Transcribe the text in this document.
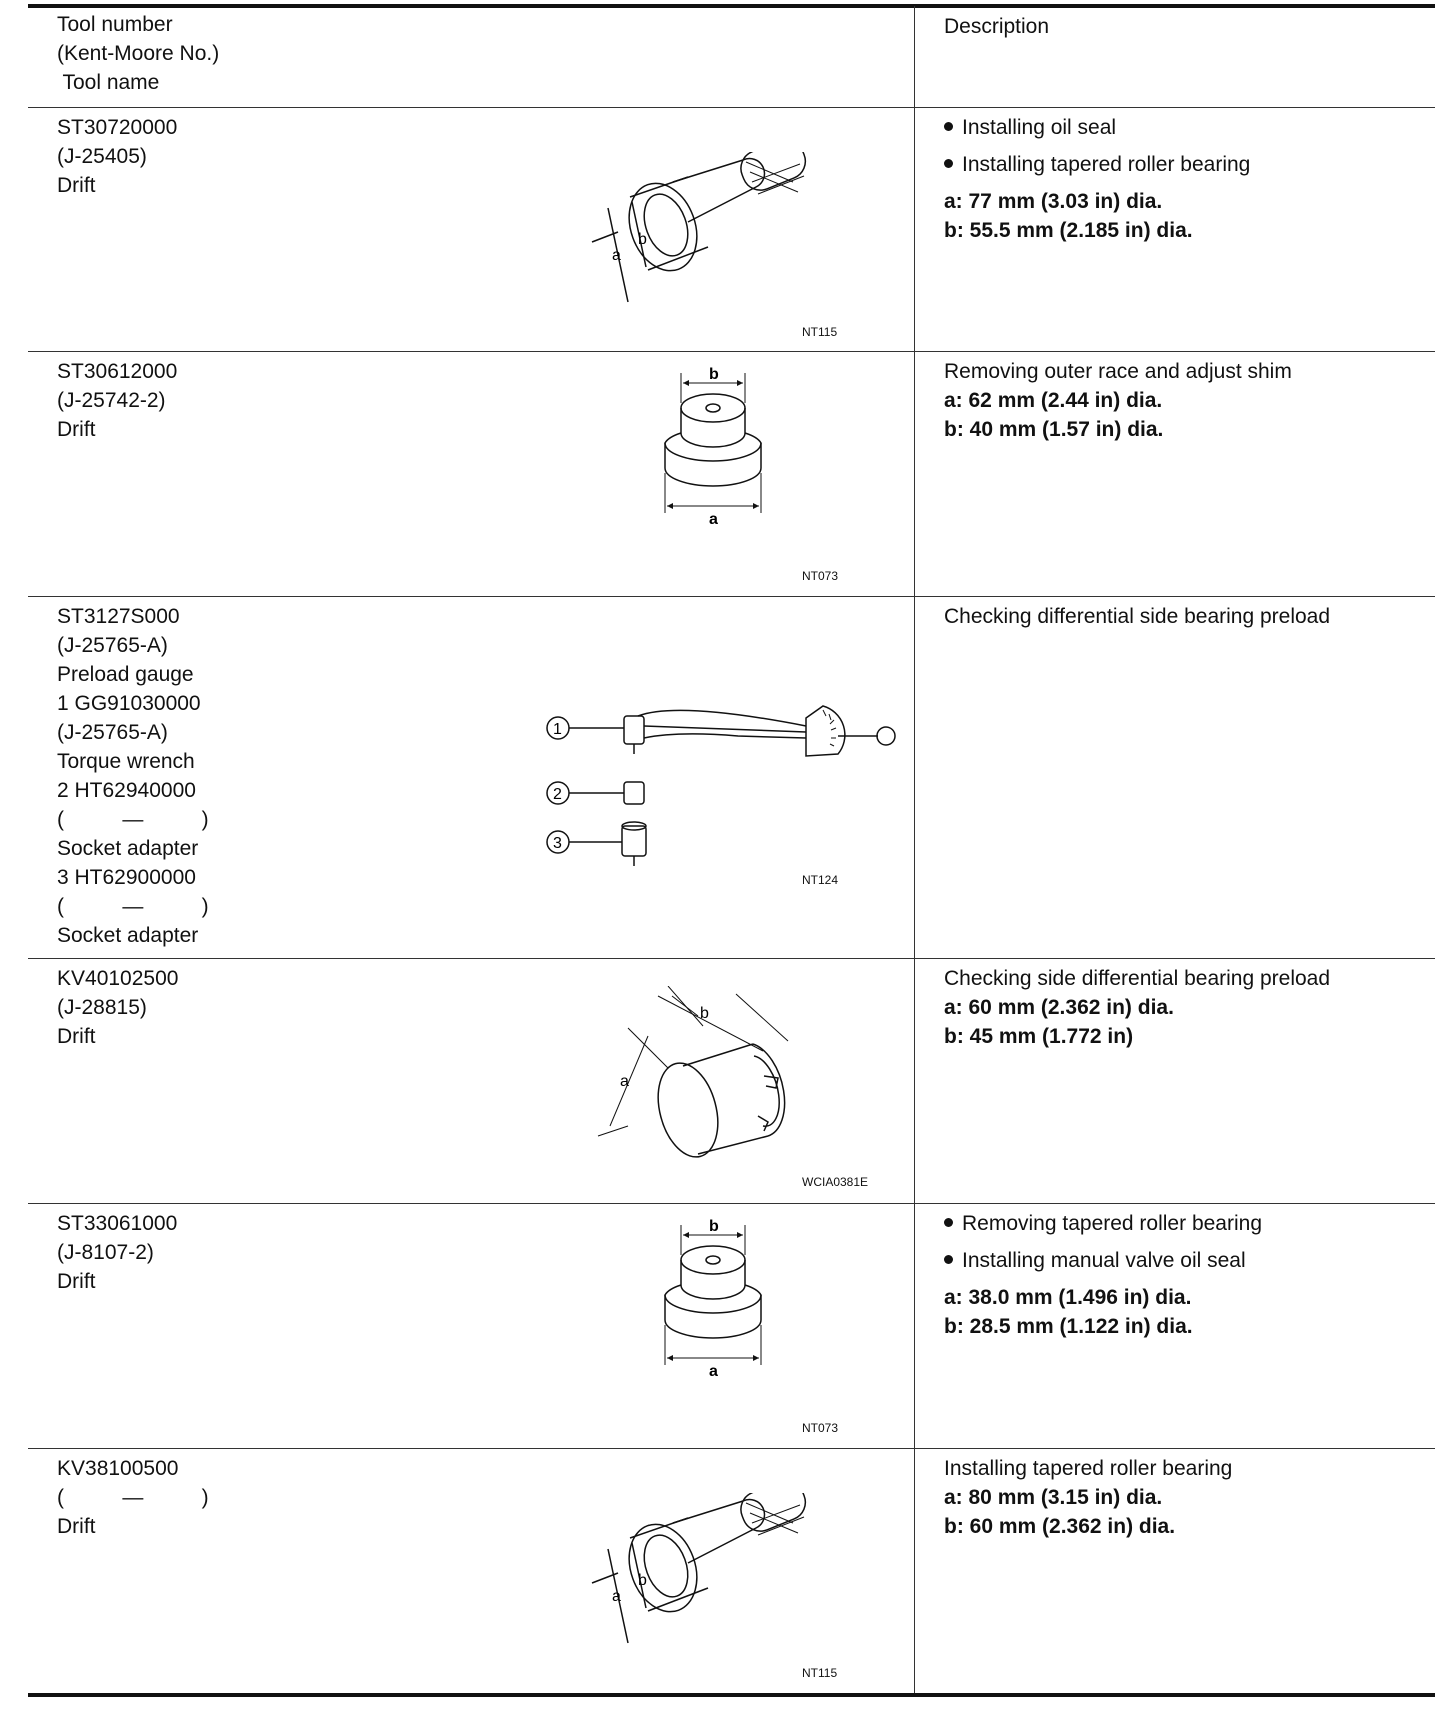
Tool number
(Kent-Moore No.)
Tool name
Description
ST30720000
(J-25405)
Drift
a
b
NT115
Installing oil seal
Installing tapered roller bearing
a: 77 mm (3.03 in) dia.
b: 55.5 mm (2.185 in) dia.
ST30612000
(J-25742-2)
Drift
b
a
NT073
Removing outer race and adjust shim
a: 62 mm (2.44 in) dia.
b: 40 mm (1.57 in) dia.
ST3127S000
(J-25765-A)
Preload gauge
1 GG91030000
(J-25765-A)
Torque wrench
2 HT62940000
(          —          )
Socket adapter
3 HT62900000
(          —          )
Socket adapter
1
2
3
NT124
Checking differential side bearing preload
KV40102500
(J-28815)
Drift
a
b
WCIA0381E
Checking side differential bearing preload
a: 60 mm (2.362 in) dia.
b: 45 mm (1.772 in)
ST33061000
(J-8107-2)
Drift
b
a
NT073
Removing tapered roller bearing
Installing manual valve oil seal
a: 38.0 mm (1.496 in) dia.
b: 28.5 mm (1.122 in) dia.
KV38100500
(          —          )
Drift
a
b
NT115
Installing tapered roller bearing
a: 80 mm (3.15 in) dia.
b: 60 mm (2.362 in) dia.
